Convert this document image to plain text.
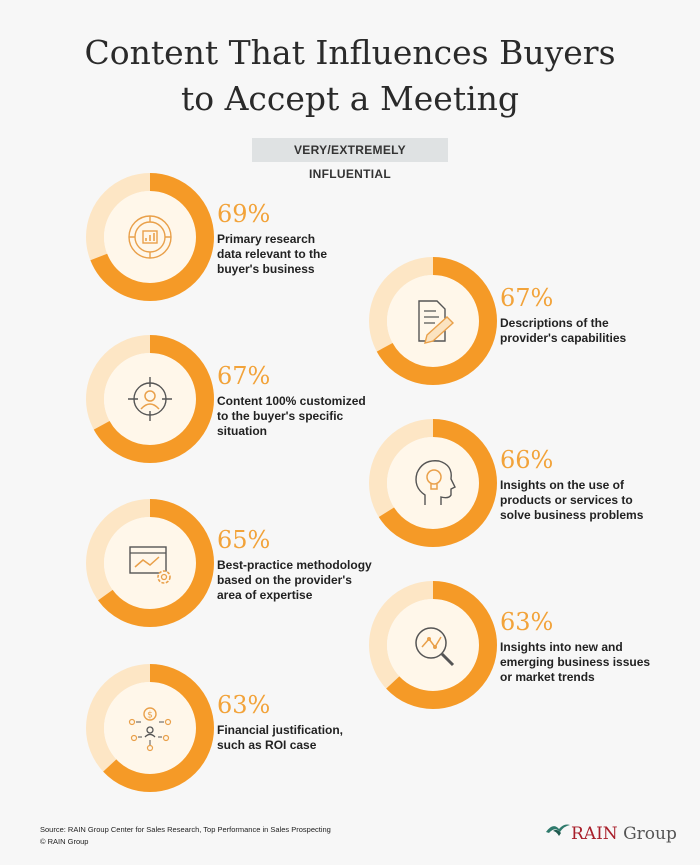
Content That Influences Buyers
to Accept a Meeting
VERY/EXTREMELY INFLUENTIAL
69%
Primary research
data relevant to the
buyer's business
67%
Descriptions of the
provider's capabilities
67%
Content 100% customized
to the buyer's specific
situation
66%
Insights on the use of
products or services to
solve business problems
65%
Best-practice methodology
based on the provider's
area of expertise
63%
Insights into new and
emerging business issues
or market trends
$	63%
Financial justification,
such as ROI case
Source: RAIN Group Center for Sales Research, Top Performance in Sales Prospecting
© RAIN Group	RAIN Group
